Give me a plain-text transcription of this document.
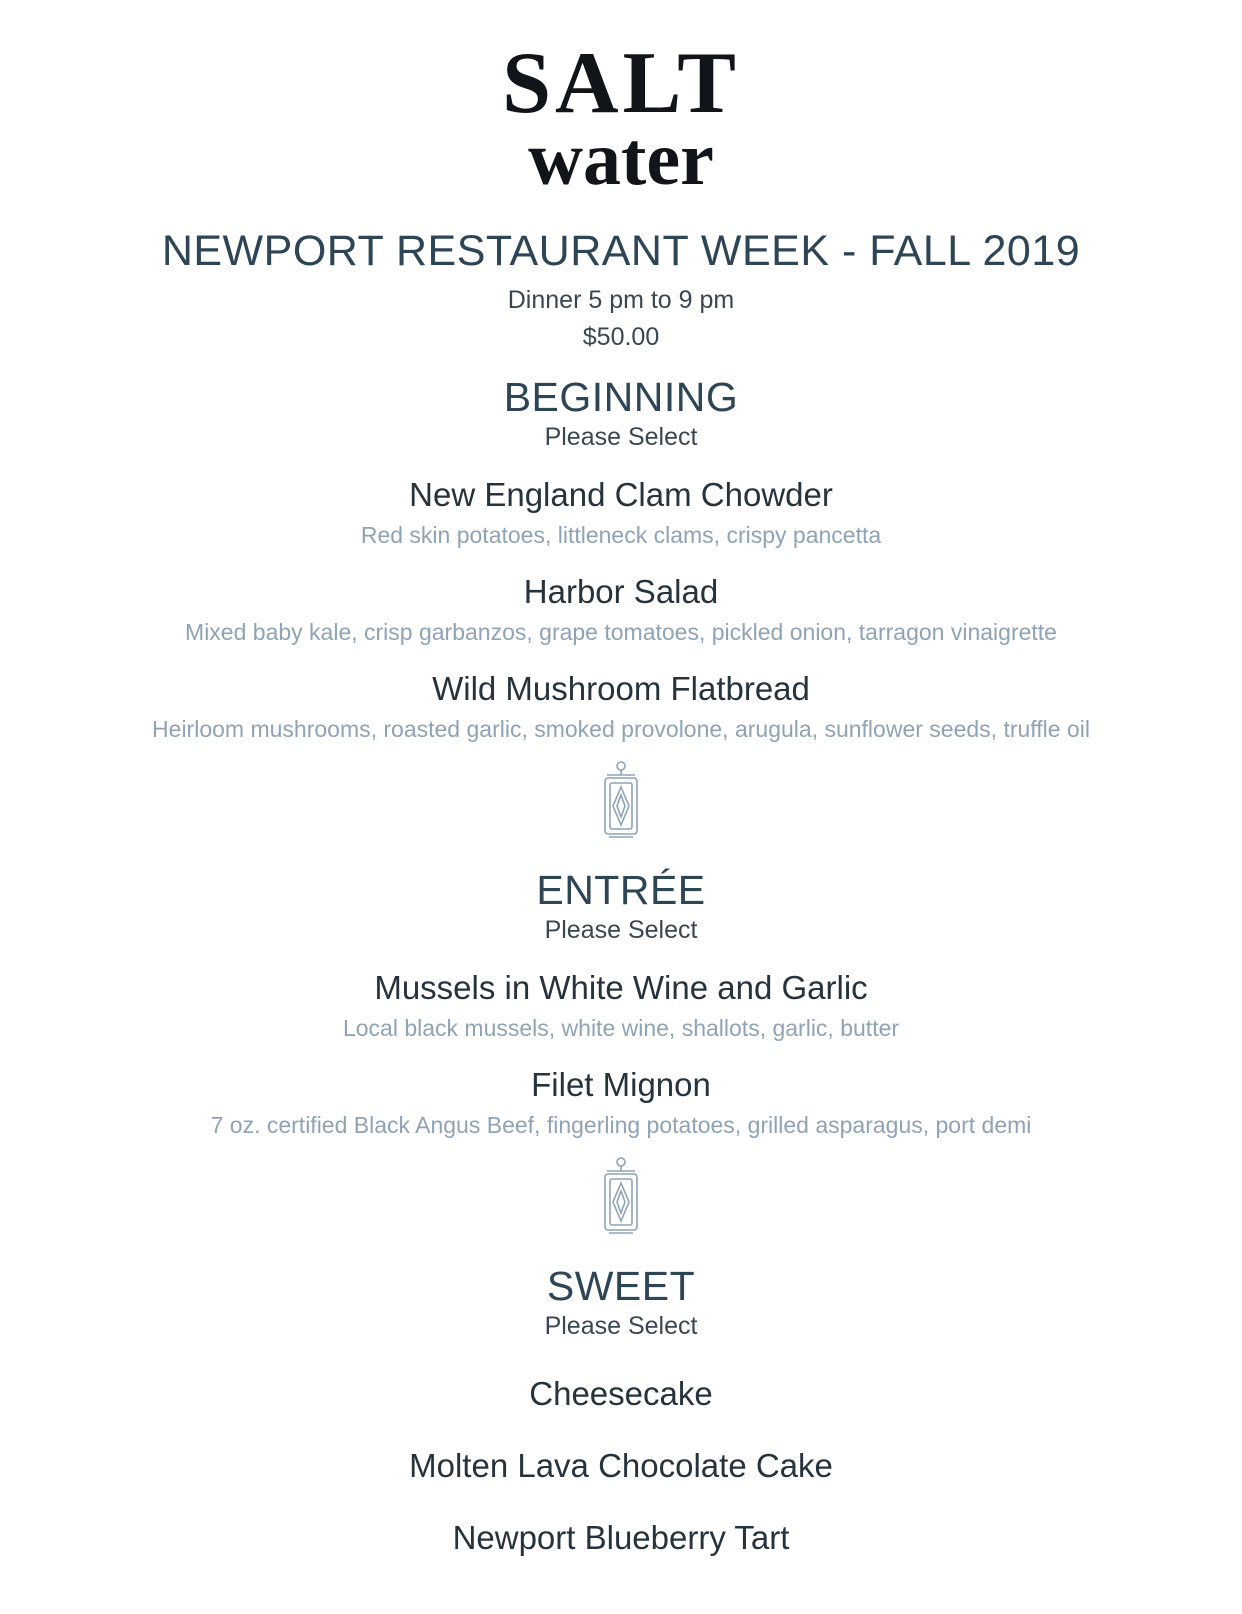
SALT
water
NEWPORT RESTAURANT WEEK - FALL 2019
Dinner 5 pm to 9 pm
$50.00
BEGINNING
Please Select
New England Clam Chowder
Red skin potatoes, littleneck clams, crispy pancetta
Harbor Salad
Mixed baby kale, crisp garbanzos, grape tomatoes, pickled onion, tarragon vinaigrette
Wild Mushroom Flatbread
Heirloom mushrooms, roasted garlic, smoked provolone, arugula, sunflower seeds, truffle oil
ENTRÉE
Please Select
Mussels in White Wine and Garlic
Local black mussels, white wine, shallots, garlic, butter
Filet Mignon
7 oz. certified Black Angus Beef, fingerling potatoes, grilled asparagus, port demi
SWEET
Please Select
Cheesecake
Molten Lava Chocolate Cake
Newport Blueberry Tart
